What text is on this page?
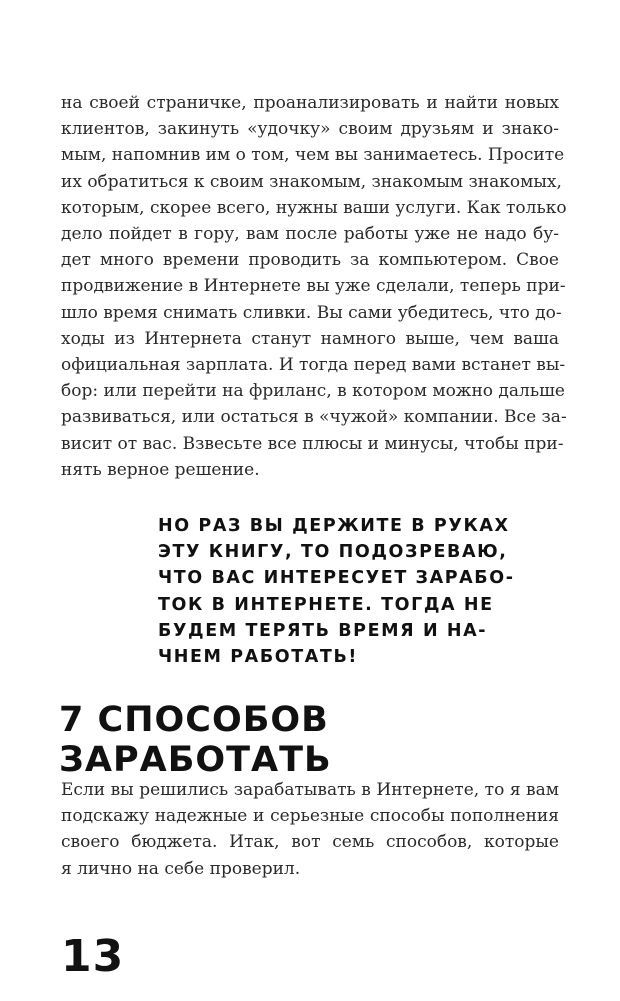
на своей страничке, проанализировать и найти новых
клиентов, закинуть «удочку» своим друзьям и знако-
мым, напомнив им о том, чем вы занимаетесь. Просите
их обратиться к своим знакомым, знакомым знакомых,
которым, скорее всего, нужны ваши услуги. Как только
дело пойдет в гору, вам после работы уже не надо бу-
дет много времени проводить за компьютером. Свое
продвижение в Интернете вы уже сделали, теперь при-
шло время снимать сливки. Вы сами убедитесь, что до-
ходы из Интернета станут намного выше, чем ваша
официальная зарплата. И тогда перед вами встанет вы-
бор: или перейти на фриланс, в котором можно дальше
развиваться, или остаться в «чужой» компании. Все за-
висит от вас. Взвесьте все плюсы и минусы, чтобы при-
нять верное решение.
НО РАЗ ВЫ ДЕРЖИТЕ В РУКАХ
ЭТУ КНИГУ, ТО ПОДОЗРЕВАЮ,
ЧТО ВАС ИНТЕРЕСУЕТ ЗАРАБО-
ТОК В ИНТЕРНЕТЕ. ТОГДА НЕ
БУДЕМ ТЕРЯТЬ ВРЕМЯ И НА-
ЧНЕМ РАБОТАТЬ!
7 СПОСОБОВ
ЗАРАБОТАТЬ
Если вы решились зарабатывать в Интернете, то я вам
подскажу надежные и серьезные способы пополнения
своего бюджета. Итак, вот семь способов, которые
я лично на себе проверил.
13
